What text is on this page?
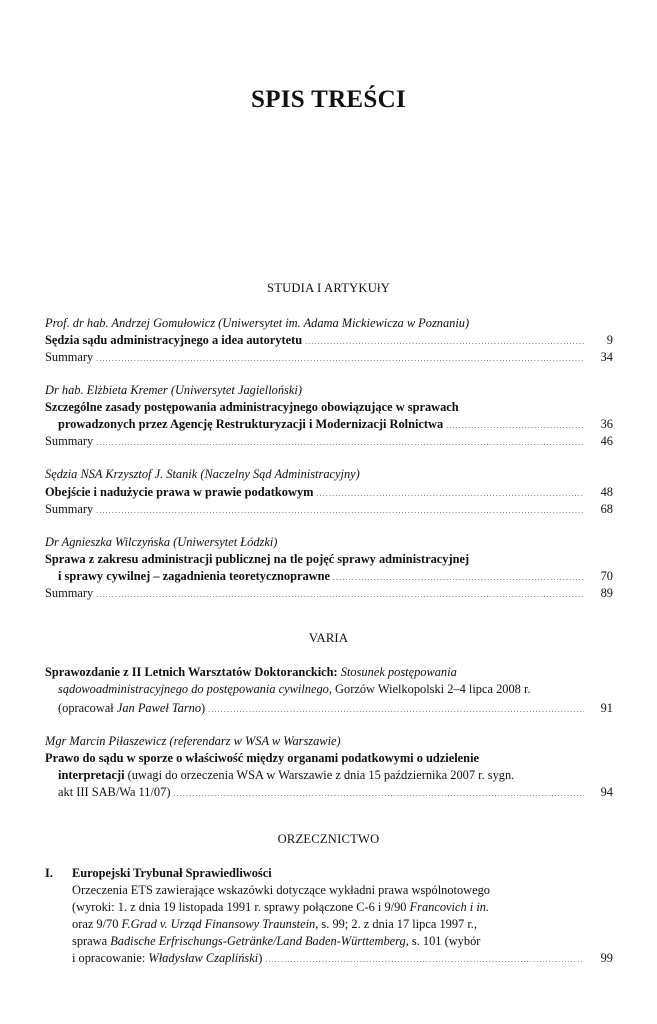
SPIS TREŚCI
STUDIA I ARTYKUłY
Prof. dr hab. Andrzej Gomułowicz (Uniwersytet im. Adama Mickiewicza w Poznaniu)
Sędzia sądu administracyjnego a idea autorytetu .....	9
Summary .....	34
Dr hab. Elżbieta Kremer (Uniwersytet Jagielloński)
Szczególne zasady postępowania administracyjnego obowiązujące w sprawach
prowadzonych przez Agencję Restrukturyzacji i Modernizacji Rolnictwa .....	36
Summary .....	46
Sędzia NSA Krzysztof J. Stanik (Naczelny Sąd Administracyjny)
Obejście i nadużycie prawa w prawie podatkowym .....	48
Summary .....	68
Dr Agnieszka Wilczyńska (Uniwersytet Łódzki)
Sprawa z zakresu administracji publicznej na tle pojęć sprawy administracyjnej
i sprawy cywilnej – zagadnienia teoretycznoprawne .....	70
Summary .....	89
VARIA
Sprawozdanie z II Letnich Warsztatów Doktoranckich: Stosunek postępowania
sądowoadministracyjnego do postępowania cywilnego, Gorzów Wielkopolski 2–4 lipca 2008 r.
(opracował Jan Paweł Tarno) .....	91
Mgr Marcin Piłaszewicz (referendarz w WSA w Warszawie)
Prawo do sądu w sporze o właściwość między organami podatkowymi o udzielenie
interpretacji (uwagi do orzeczenia WSA w Warszawie z dnia 15 października 2007 r. sygn.
akt III SAB/Wa 11/07) .....	94
ORZECZNICTWO
I. Europejski Trybunał Sprawiedliwości
Orzeczenia ETS zawierające wskazówki dotyczące wykładni prawa wspólnotowego
(wyroki: 1. z dnia 19 listopada 1991 r. sprawy połączone C-6 i 9/90 Francovich i in.
oraz 9/70 F.Grad v. Urząd Finansowy Traunstein, s. 99; 2. z dnia 17 lipca 1997 r.,
sprawa Badische Erfrischungs-Getränke/Land Baden-Württemberg, s. 101 (wybór
i opracowanie: Władysław Czapliński) .....	99
